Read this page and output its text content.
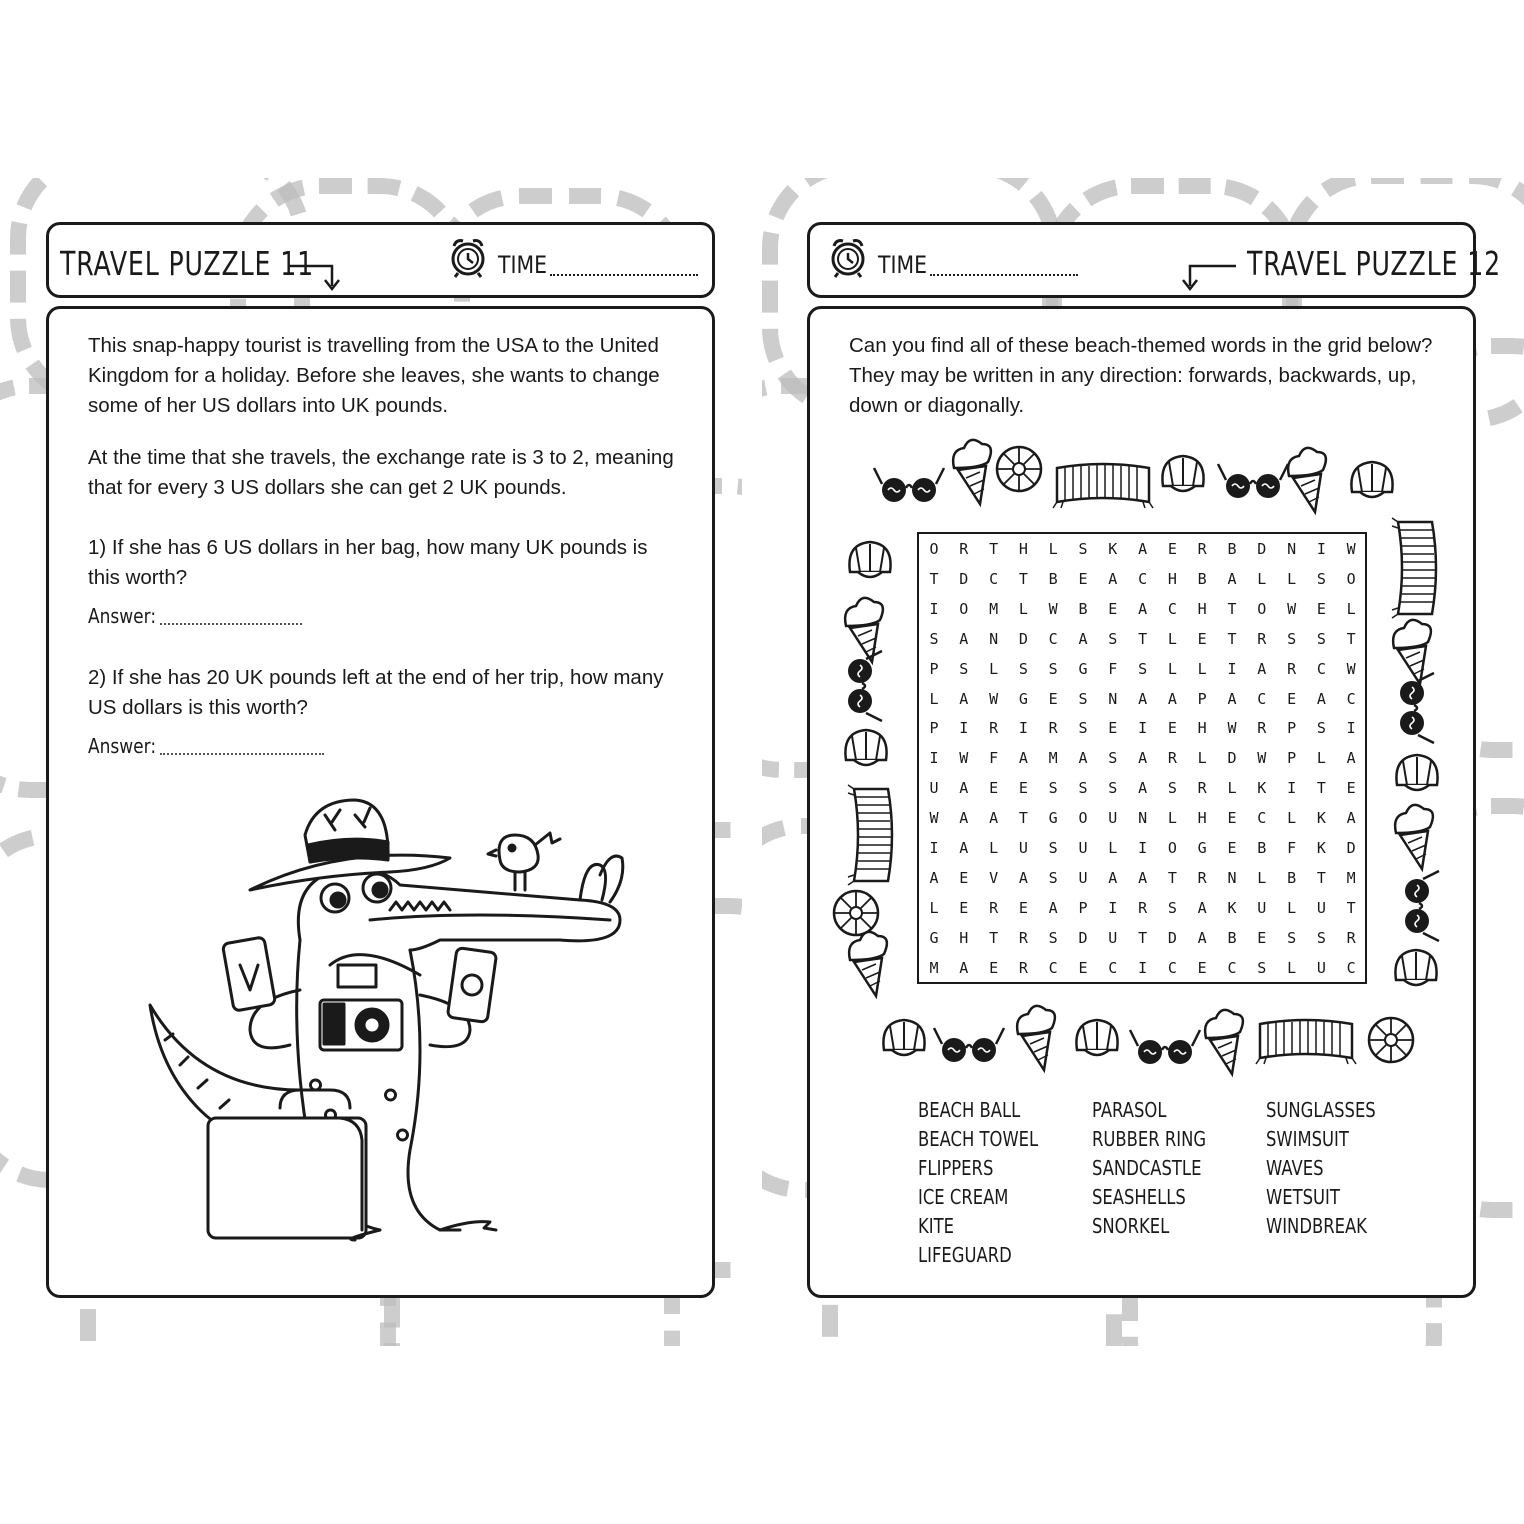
TRAVEL PUZZLE 11	TIME
This snap-happy tourist is travelling from the USA to the United Kingdom for a holiday. Before she leaves, she wants to change some of her US dollars into UK pounds.
At the time that she travels, the exchange rate is 3 to 2, meaning that for every 3 US dollars she can get 2 UK pounds.
1) If she has 6 US dollars in her bag, how many UK pounds is this worth?
Answer:
2) If she has 20 UK pounds left at the end of her trip, how many US dollars is this worth?
Answer:
TIME	TRAVEL PUZZLE 12
Can you find all of these beach-themed words in the grid below? They may be written in any direction: forwards, backwards, up, down or diagonally.
O	R	T	H	L	S	K	A	E	R	B	D	N	I	W
T	D	C	T	B	E	A	C	H	B	A	L	L	S	O
I	O	M	L	W	B	E	A	C	H	T	O	W	E	L
S	A	N	D	C	A	S	T	L	E	T	R	S	S	T
P	S	L	S	S	G	F	S	L	L	I	A	R	C	W
L	A	W	G	E	S	N	A	A	P	A	C	E	A	C
P	I	R	I	R	S	E	I	E	H	W	R	P	S	I
I	W	F	A	M	A	S	A	R	L	D	W	P	L	A
U	A	E	E	S	S	S	A	S	R	L	K	I	T	E
W	A	A	T	G	O	U	N	L	H	E	C	L	K	A
I	A	L	U	S	U	L	I	O	G	E	B	F	K	D
A	E	V	A	S	U	A	A	T	R	N	L	B	T	M
L	E	R	E	A	P	I	R	S	A	K	U	L	U	T
G	H	T	R	S	D	U	T	D	A	B	E	S	S	R
M	A	E	R	C	E	C	I	C	E	C	S	L	U	C
BEACH BALL
BEACH TOWEL
FLIPPERS
ICE CREAM
KITE
LIFEGUARD
PARASOL
RUBBER RING
SANDCASTLE
SEASHELLS
SNORKEL
SUNGLASSES
SWIMSUIT
WAVES
WETSUIT
WINDBREAK
